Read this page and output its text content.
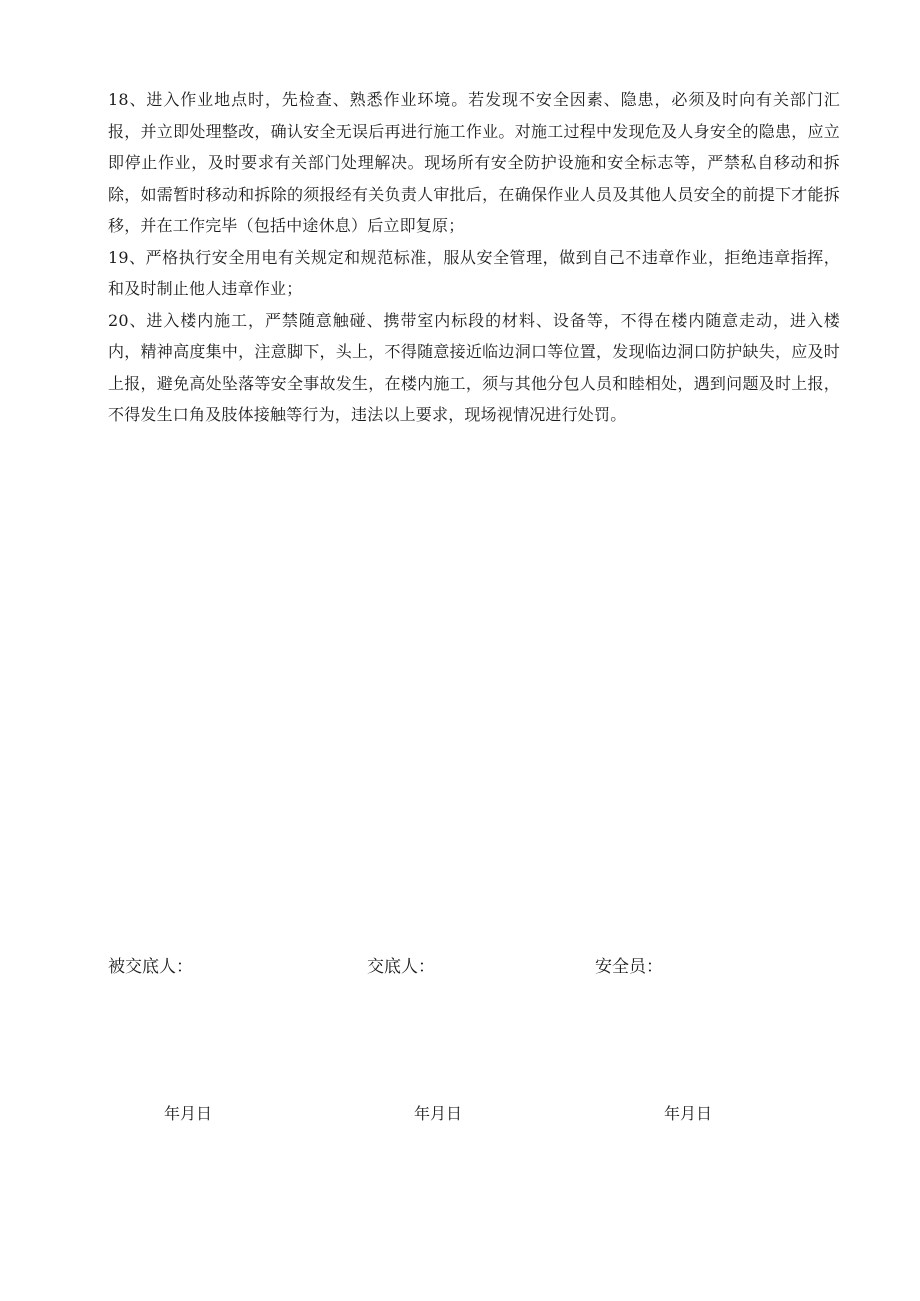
18、进入作业地点时，先检查、熟悉作业环境。若发现不安全因素、隐患，必须及时向有关部门汇报，并立即处理整改，确认安全无误后再进行施工作业。对施工过程中发现危及人身安全的隐患，应立即停止作业，及时要求有关部门处理解决。现场所有安全防护设施和安全标志等，严禁私自移动和拆除，如需暂时移动和拆除的须报经有关负责人审批后，在确保作业人员及其他人员安全的前提下才能拆移，并在工作完毕（包括中途休息）后立即复原；

19、严格执行安全用电有关规定和规范标准，服从安全管理，做到自己不违章作业，拒绝违章指挥，和及时制止他人违章作业；

20、进入楼内施工，严禁随意触碰、携带室内标段的材料、设备等，不得在楼内随意走动，进入楼内，精神高度集中，注意脚下，头上，不得随意接近临边洞口等位置，发现临边洞口防护缺失，应及时上报，避免高处坠落等安全事故发生，在楼内施工，须与其他分包人员和睦相处，遇到问题及时上报，不得发生口角及肢体接触等行为，违法以上要求，现场视情况进行处罚。

被交底人：	交底人：	安全员：
年月日	年月日	年月日
